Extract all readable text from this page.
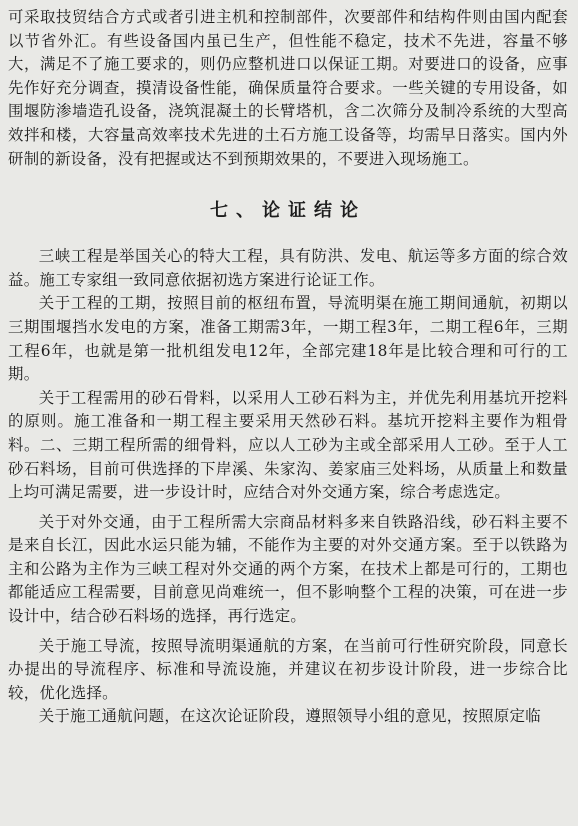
可采取技贸结合方式或者引进主机和控制部件，次要部件和结构件则由国内配套以节省外汇。有些设备国内虽已生产，但性能不稳定，技术不先进，容量不够大，满足不了施工要求的，则仍应整机进口以保证工期。对要进口的设备，应事先作好充分调查，摸清设备性能，确保质量符合要求。一些关键的专用设备，如围堰防渗墙造孔设备，浇筑混凝土的长臂塔机，含二次筛分及制冷系统的大型高效拌和楼，大容量高效率技术先进的土石方施工设备等，均需早日落实。国内外研制的新设备，没有把握或达不到预期效果的，不要进入现场施工。

七、论证结论

三峡工程是举国关心的特大工程，具有防洪、发电、航运等多方面的综合效益。施工专家组一致同意依据初选方案进行论证工作。

关于工程的工期，按照目前的枢纽布置，导流明渠在施工期间通航，初期以三期围堰挡水发电的方案，准备工期需3年，一期工程3年，二期工程6年，三期工程6年，也就是第一批机组发电12年，全部完建18年是比较合理和可行的工期。

关于工程需用的砂石骨料，以采用人工砂石料为主，并优先利用基坑开挖料的原则。施工准备和一期工程主要采用天然砂石料。基坑开挖料主要作为粗骨料。二、三期工程所需的细骨料，应以人工砂为主或全部采用人工砂。至于人工砂石料场，目前可供选择的下岸溪、朱家沟、姜家庙三处料场，从质量上和数量上均可满足需要，进一步设计时，应结合对外交通方案，综合考虑选定。

关于对外交通，由于工程所需大宗商品材料多来自铁路沿线，砂石料主要不是来自长江，因此水运只能为辅，不能作为主要的对外交通方案。至于以铁路为主和公路为主作为三峡工程对外交通的两个方案，在技术上都是可行的，工期也都能适应工程需要，目前意见尚难统一，但不影响整个工程的决策，可在进一步设计中，结合砂石料场的选择，再行选定。

关于施工导流，按照导流明渠通航的方案，在当前可行性研究阶段，同意长办提出的导流程序、标准和导流设施，并建议在初步设计阶段，进一步综合比较，优化选择。

关于施工通航问题，在这次论证阶段，遵照领导小组的意见，按照原定临
